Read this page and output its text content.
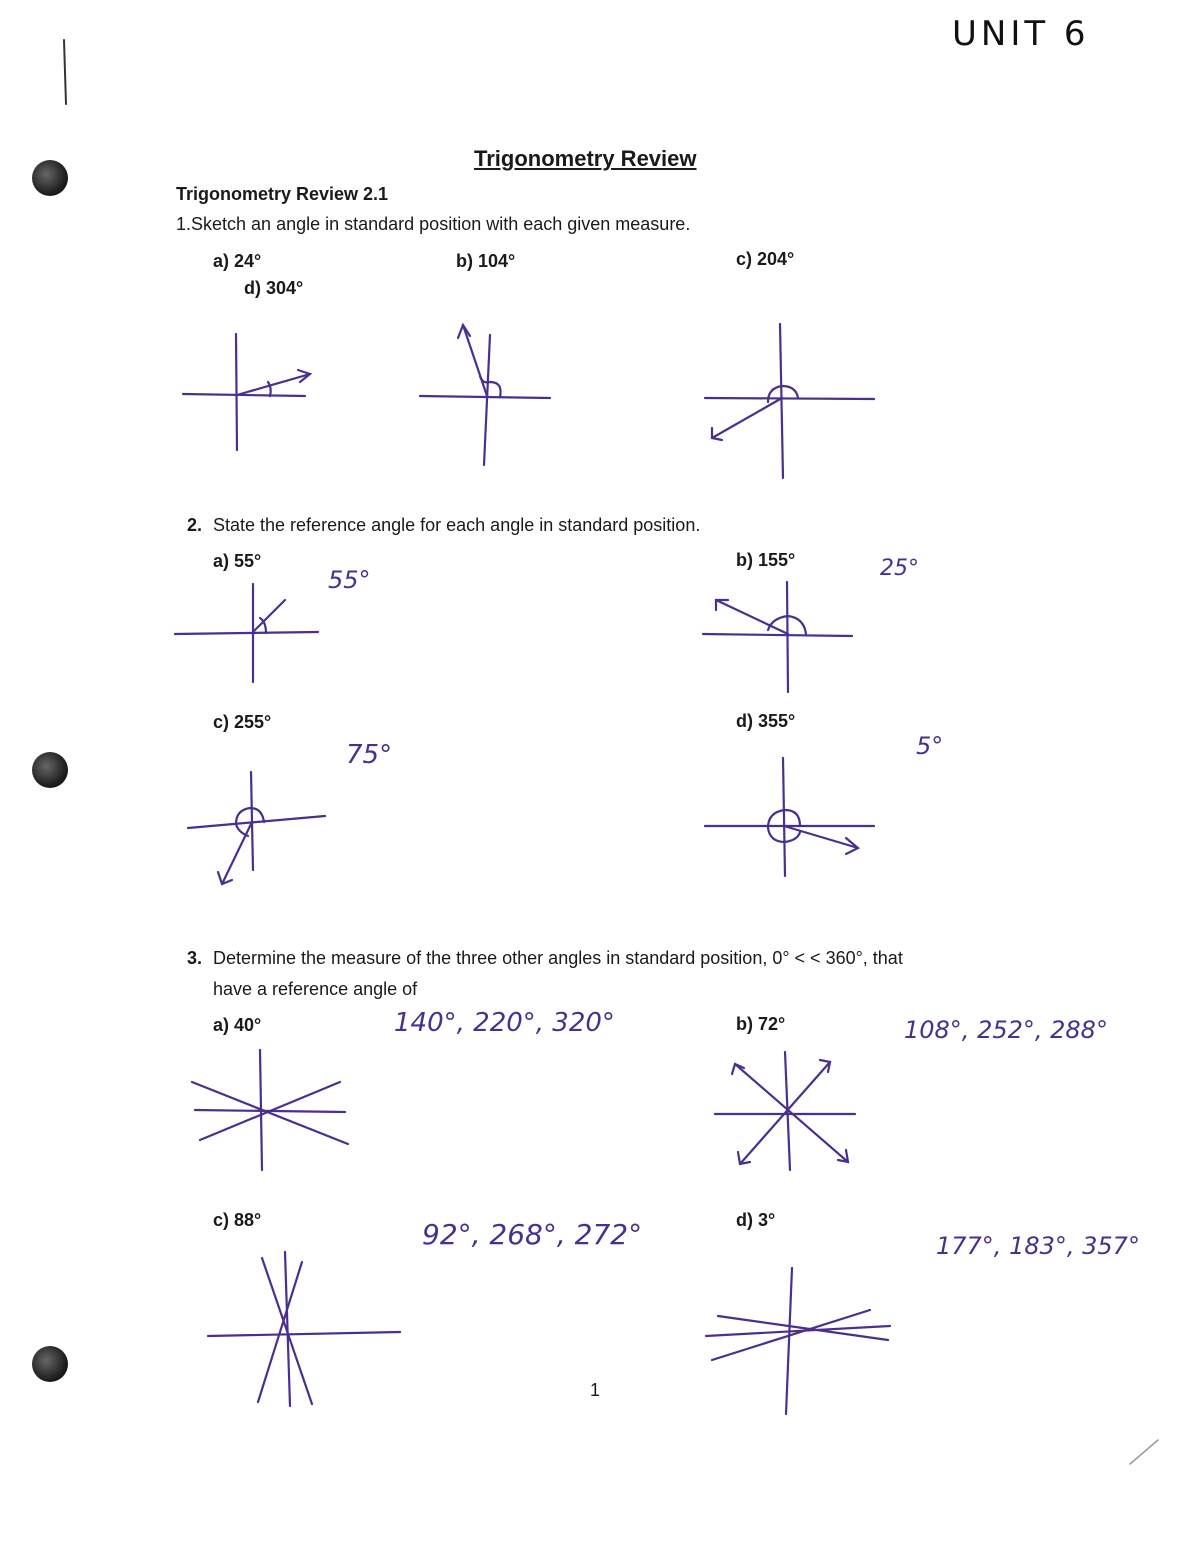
UNIT 6
Trigonometry Review
Trigonometry Review 2.1
1.Sketch an angle in standard position with each given measure.
a) 24°	b) 104°	c) 204°
d) 304°
2. State the reference angle for each angle in standard position.
a) 55°
55°
b) 155°	25°
c) 255°
75°
d) 355°
5°
3. Determine the measure of the three other angles in standard position, 0° < < 360°, that
have a reference angle of
a) 40°	140°, 220°, 320°	b) 72°	108°, 252°, 288°
c) 88°	92°, 268°, 272°	d) 3°
177°, 183°, 357°
1
